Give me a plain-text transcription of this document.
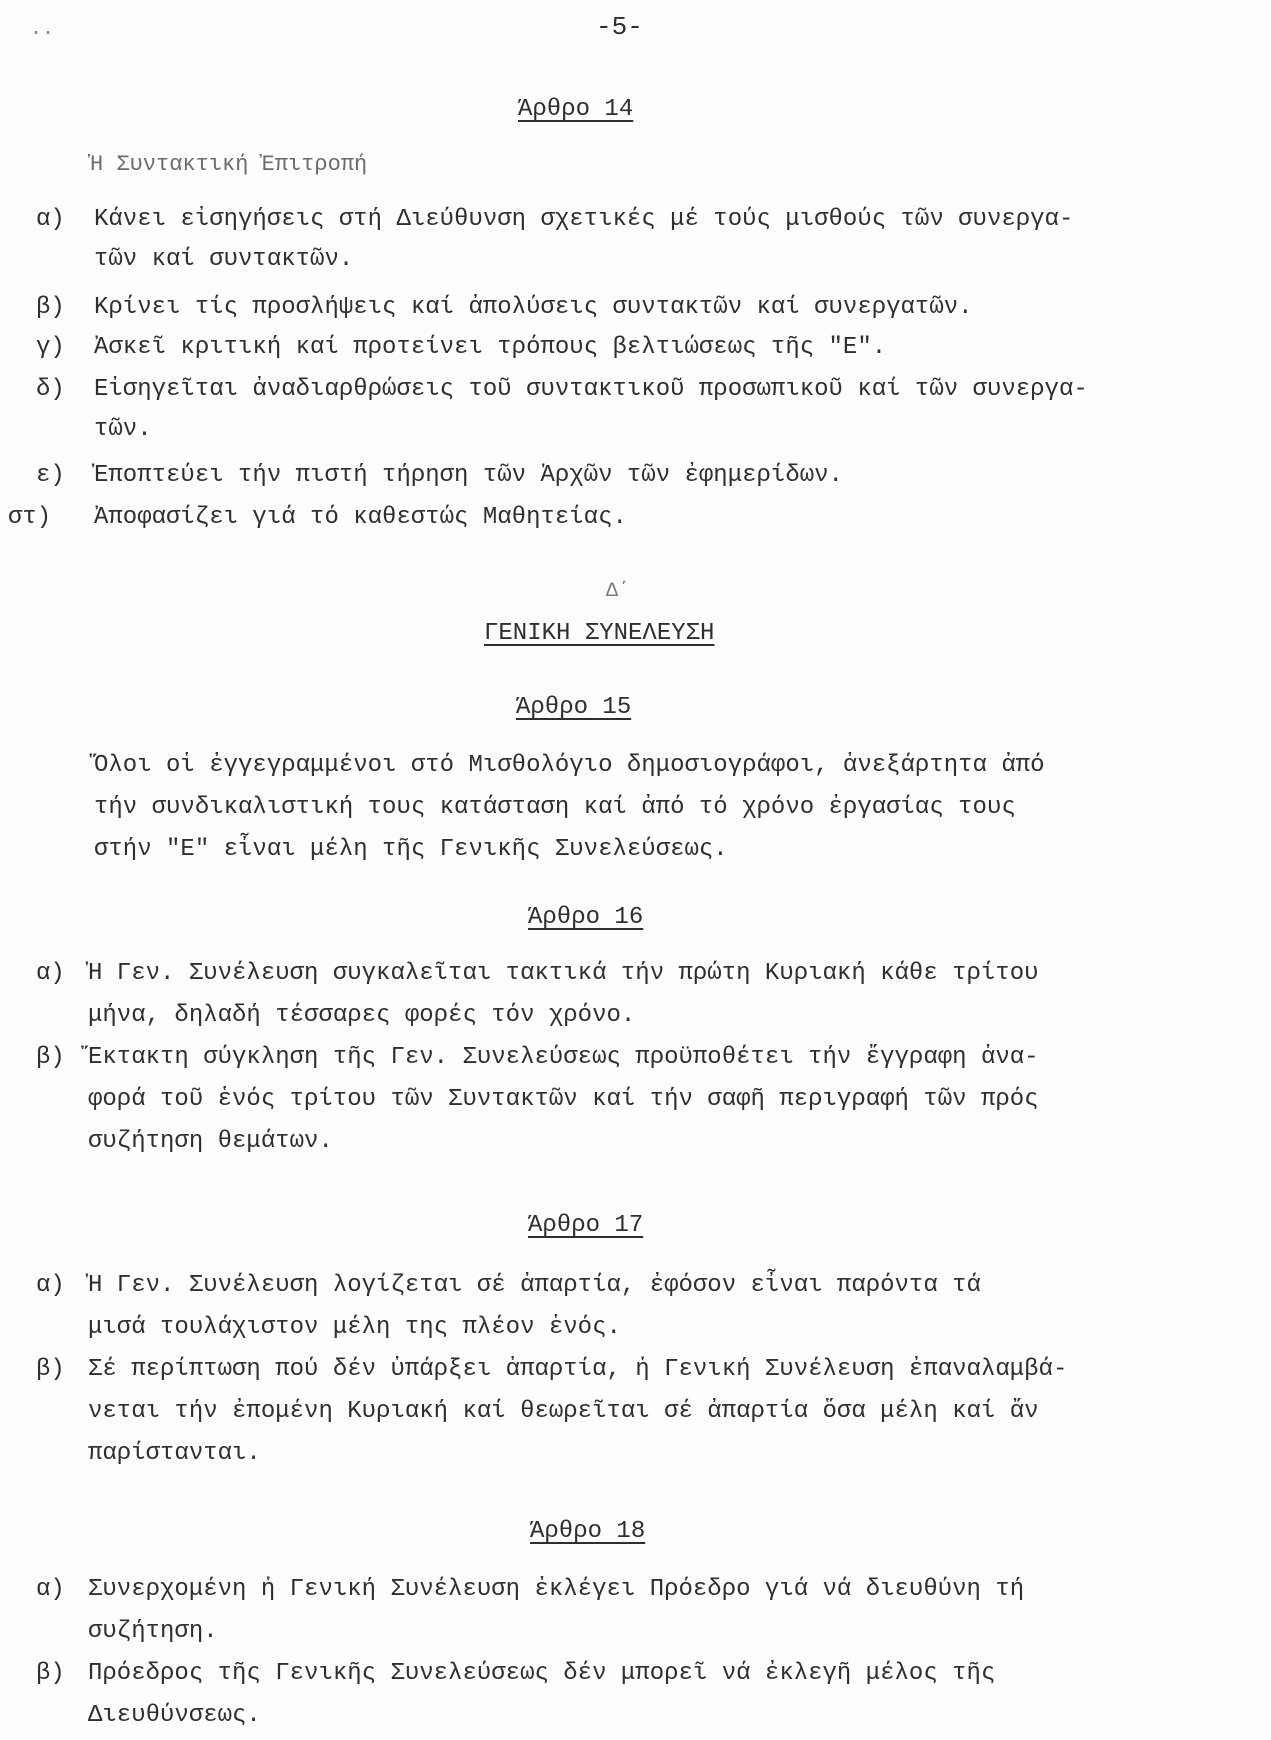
..	-5-
Άρθρο 14
Ἡ Συντακτική Ἐπιτροπή
α) Κάνει εἰσηγήσεις στή Διεύθυνση σχετικές μέ τούς μισθούς τῶν συνεργα-
τῶν καί συντακτῶν.
β) Κρίνει τίς προσλήψεις καί ἀπολύσεις συντακτῶν καί συνεργατῶν.
γ) Ἀσκεῖ κριτική καί προτείνει τρόπους βελτιώσεως τῆς "Ε".
δ) Εἰσηγεῖται ἀναδιαρθρώσεις τοῦ συντακτικοῦ προσωπικοῦ καί τῶν συνεργα-
τῶν.
ε) Ἐποπτεύει τήν πιστή τήρηση τῶν Ἀρχῶν τῶν ἐφημερίδων.
στ) Ἀποφασίζει γιά τό καθεστώς Μαθητείας.
Δ΄
ΓΕΝΙΚΗ ΣΥΝΕΛΕΥΣΗ
Άρθρο 15
Ὅλοι οἱ ἐγγεγραμμένοι στό Μισθολόγιο δημοσιογράφοι, ἀνεξάρτητα ἀπό
τήν συνδικαλιστική τους κατάσταση καί ἀπό τό χρόνο ἐργασίας τους
στήν "Ε" εἶναι μέλη τῆς Γενικῆς Συνελεύσεως.
Άρθρο 16
α) Ἡ Γεν. Συνέλευση συγκαλεῖται τακτικά τήν πρώτη Κυριακή κάθε τρίτου
μήνα, δηλαδή τέσσαρες φορές τόν χρόνο.
β) Ἔκτακτη σύγκληση τῆς Γεν. Συνελεύσεως προϋποθέτει τήν ἔγγραφη ἀνα-
φορά τοῦ ἑνός τρίτου τῶν Συντακτῶν καί τήν σαφῆ περιγραφή τῶν πρός
συζήτηση θεμάτων.
Άρθρο 17
α) Ἡ Γεν. Συνέλευση λογίζεται σέ ἀπαρτία, ἐφόσον εἶναι παρόντα τά
μισά τουλάχιστον μέλη της πλέον ἑνός.
β) Σέ περίπτωση πού δέν ὑπάρξει ἀπαρτία, ἡ Γενική Συνέλευση ἐπαναλαμβά-
νεται τήν ἐπομένη Κυριακή καί θεωρεῖται σέ ἀπαρτία ὅσα μέλη καί ἄν
παρίστανται.
Άρθρο 18
α) Συνερχομένη ἡ Γενική Συνέλευση ἐκλέγει Πρόεδρο γιά νά διευθύνη τή
συζήτηση.
β) Πρόεδρος τῆς Γενικῆς Συνελεύσεως δέν μπορεῖ νά ἐκλεγῆ μέλος τῆς
Διευθύνσεως.
